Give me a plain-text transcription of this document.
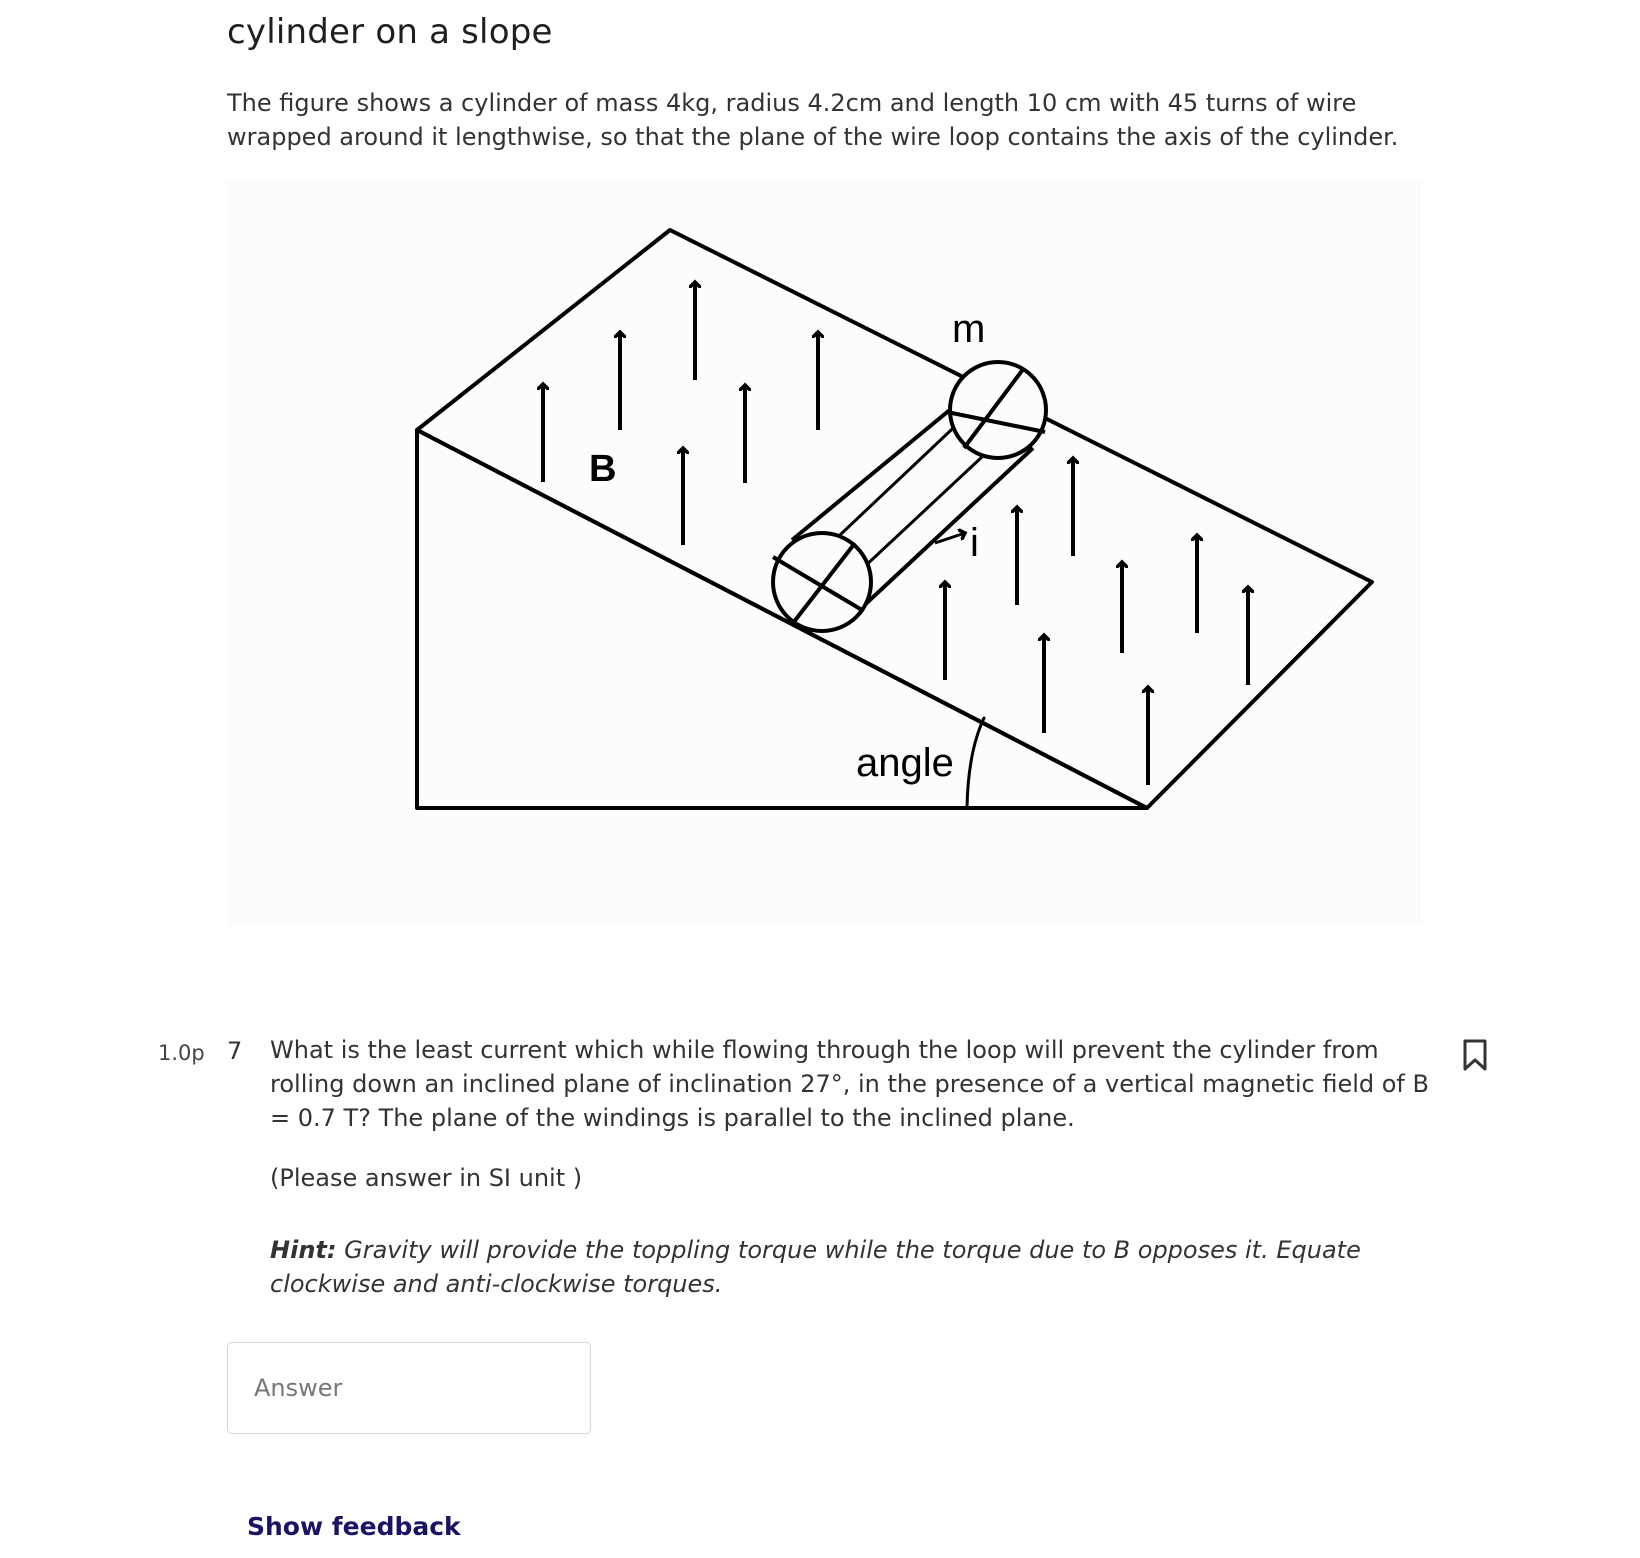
cylinder on a slope

The figure shows a cylinder of mass 4kg, radius 4.2cm and length 10 cm with 45 turns of wire wrapped around it lengthwise, so that the plane of the wire loop contains the axis of the cylinder.

m
B
i
angle
1.0p 7 What is the least current which while flowing through the loop will prevent the cylinder from rolling down an inclined plane of inclination 27°, in the presence of a vertical magnetic field of B = 0.7 T? The plane of the windings is parallel to the inclined plane.

(Please answer in SI unit )

Hint: Gravity will provide the toppling torque while the torque due to B opposes it. Equate clockwise and anti-clockwise torques.

Answer
Show feedback
